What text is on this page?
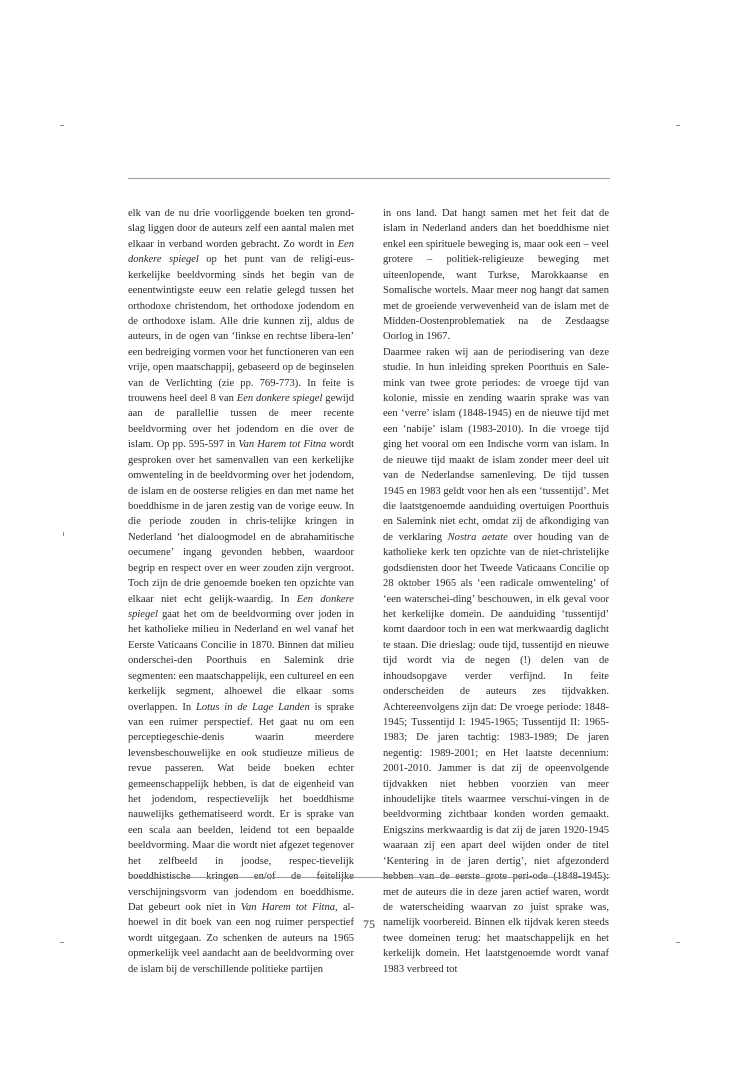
elk van de nu drie voorliggende boeken ten grond-slag liggen door de auteurs zelf een aantal malen met elkaar in verband worden gebracht. Zo wordt in Een donkere spiegel op het punt van de religi-eus-kerkelijke beeldvorming sinds het begin van de eenentwintigste eeuw een relatie gelegd tussen het orthodoxe christendom, het orthodoxe jodendom en de orthodoxe islam. Alle drie kunnen zij, aldus de auteurs, in de ogen van ‘linkse en rechtse libera-len’ een bedreiging vormen voor het functioneren van een vrije, open maatschappij, gebaseerd op de beginselen van de Verlichting (zie pp. 769-773). In feite is trouwens heel deel 8 van Een donkere spiegel gewijd aan de parallellie tussen de meer recente beeldvorming over het jodendom en die over de islam. Op pp. 595-597 in Van Harem tot Fitna wordt gesproken over het samenvallen van een kerkelijke omwenteling in de beeldvorming over het jodendom, de islam en de oosterse religies en dan met name het boeddhisme in de jaren zestig van de vorige eeuw. In die periode zouden in chris-telijke kringen in Nederland ‘het dialoogmodel en de abrahamitische oecumene’ ingang gevonden hebben, waardoor begrip en respect over en weer zouden zijn vergroot. Toch zijn de drie genoemde boeken ten opzichte van elkaar niet echt gelijk-waardig. In Een donkere spiegel gaat het om de beeldvorming over joden in het katholieke milieu in Nederland en wel vanaf het Eerste Vaticaans Concilie in 1870. Binnen dat milieu onderschei-den Poorthuis en Salemink drie segmenten: een maatschappelijk, een cultureel en een kerkelijk segment, alhoewel die elkaar soms overlappen. In Lotus in de Lage Landen is sprake van een ruimer perspectief. Het gaat nu om een perceptiegeschie-denis waarin meerdere levensbeschouwelijke en ook studieuze milieus de revue passeren. Wat beide boeken echter gemeenschappelijk hebben, is dat de eigenheid van het jodendom, respectievelijk het boeddhisme nauwelijks gethematiseerd wordt. Er is sprake van een scala aan beelden, leidend tot een bepaalde beeldvorming. Maar die wordt niet afgezet tegenover het zelfbeeld in joodse, respec-tievelijk boeddhistische kringen en/of de feitelijke verschijningsvorm van jodendom en boeddhisme. Dat gebeurt ook niet in Van Harem tot Fitna, al-hoewel in dit boek van een nog ruimer perspectief wordt uitgegaan. Zo schenken de auteurs na 1965 opmerkelijk veel aandacht aan de beeldvorming over de islam bij de verschillende politieke partijen

in ons land. Dat hangt samen met het feit dat de islam in Nederland anders dan het boeddhisme niet enkel een spirituele beweging is, maar ook een – veel grotere – politiek-religieuze beweging met uiteenlopende, want Turkse, Marokkaanse en Somalische wortels. Maar meer nog hangt dat samen met de groeiende verwevenheid van de islam met de Midden-Oostenproblematiek na de Zesdaagse Oorlog in 1967.

Daarmee raken wij aan de periodisering van deze studie. In hun inleiding spreken Poorthuis en Sale-mink van twee grote periodes: de vroege tijd van kolonie, missie en zending waarin sprake was van een ‘verre’ islam (1848-1945) en de nieuwe tijd met een ‘nabije’ islam (1983-2010). In die vroege tijd ging het vooral om een Indische vorm van islam. In de nieuwe tijd maakt de islam zonder meer deel uit van de Nederlandse samenleving. De tijd tussen 1945 en 1983 geldt voor hen als een ‘tussentijd’. Met die laatstgenoemde aanduiding overtuigen Poorthuis en Salemink niet echt, omdat zij de afkondiging van de verklaring Nostra aetate over houding van de katholieke kerk ten opzichte van de niet-christelijke godsdiensten door het Tweede Vaticaans Concilie op 28 oktober 1965 als ‘een radicale omwenteling’ of ‘een waterschei-ding’ beschouwen, in elk geval voor het kerkelijke domein. De aanduiding ‘tussentijd’ komt daardoor toch in een wat merkwaardig daglicht te staan. Die drieslag: oude tijd, tussentijd en nieuwe tijd wordt via de negen (!) delen van de inhoudsopgave verder verfijnd. In feite onderscheiden de auteurs zes tijdvakken. Achtereenvolgens zijn dat: De vroege periode: 1848-1945; Tussentijd I: 1945-1965; Tussentijd II: 1965-1983; De jaren tachtig: 1983-1989; De jaren negentig: 1989-2001; en Het laatste decennium: 2001-2010. Jammer is dat zij de opeenvolgende tijdvakken niet hebben voorzien van meer inhoudelijke titels waarmee verschui-vingen in de beeldvorming zichtbaar konden worden gemaakt. Enigszins merkwaardig is dat zij de jaren 1920-1945 waaraan zij een apart deel wijden onder de titel ‘Kentering in de jaren dertig’, niet afgezonderd hebben van de eerste grote peri-ode (1848-1945): met de auteurs die in deze jaren actief waren, wordt de waterscheiding waarvan zo juist sprake was, namelijk voorbereid. Binnen elk tijdvak keren steeds twee domeinen terug: het maatschappelijk en het kerkelijk domein. Het laatstgenoemde wordt vanaf 1983 verbreed tot

75
